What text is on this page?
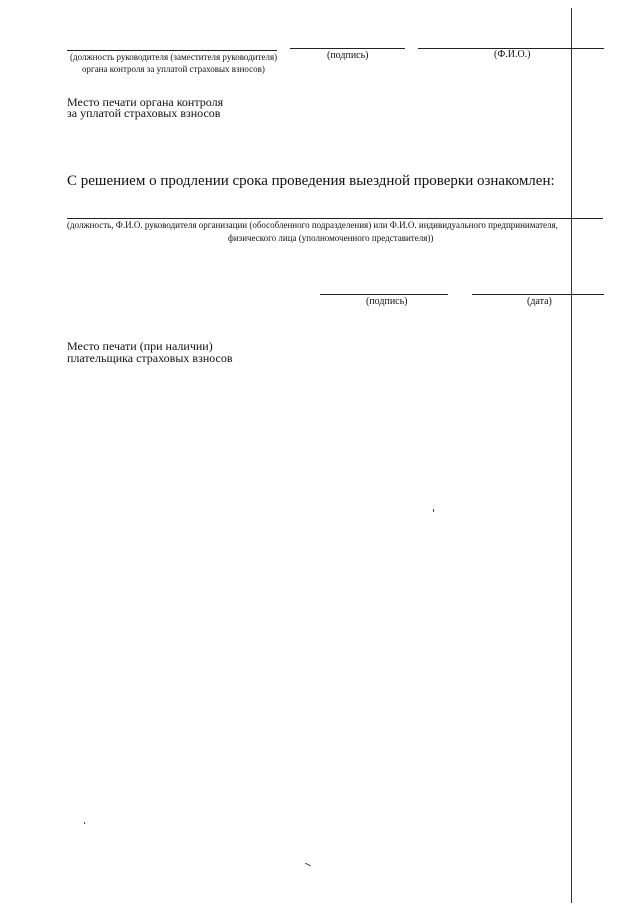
(должность руководителя (заместителя руководителя)
органа контроля за уплатой страховых взносов)
(подпись)	(Ф.И.О.)
Место печати органа контроля
за уплатой страховых взносов
С решением о продлении срока проведения выездной проверки ознакомлен:
(должность, Ф.И.О. руководителя организации (обособленного подразделения) или Ф.И.О. индивидуального предпринимателя,
физического лица (уполномоченного представителя))
(подпись)	(дата)
Место печати (при наличии)
плательщика страховых взносов
